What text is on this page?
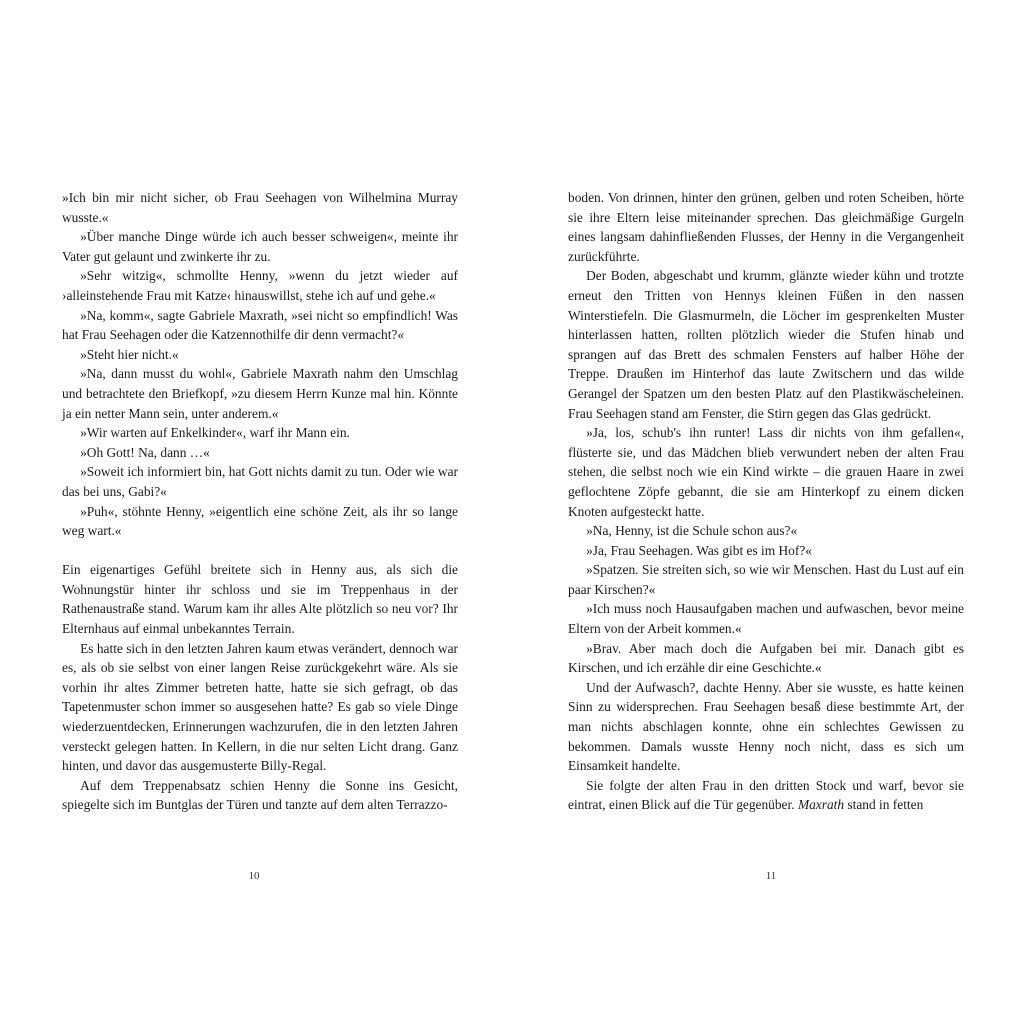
»Ich bin mir nicht sicher, ob Frau Seehagen von Wilhelmina Murray wusste.«

»Über manche Dinge würde ich auch besser schweigen«, meinte ihr Vater gut gelaunt und zwinkerte ihr zu.

»Sehr witzig«, schmollte Henny, »wenn du jetzt wieder auf ›alleinstehende Frau mit Katze‹ hinauswillst, stehe ich auf und gehe.«

»Na, komm«, sagte Gabriele Maxrath, »sei nicht so empfindlich! Was hat Frau Seehagen oder die Katzennothilfe dir denn vermacht?«

»Steht hier nicht.«

»Na, dann musst du wohl«, Gabriele Maxrath nahm den Umschlag und betrachtete den Briefkopf, »zu diesem Herrn Kunze mal hin. Könnte ja ein netter Mann sein, unter anderem.«

»Wir warten auf Enkelkinder«, warf ihr Mann ein.

»Oh Gott! Na, dann …«

»Soweit ich informiert bin, hat Gott nichts damit zu tun. Oder wie war das bei uns, Gabi?«

»Puh«, stöhnte Henny, »eigentlich eine schöne Zeit, als ihr so lange weg wart.«

Ein eigenartiges Gefühl breitete sich in Henny aus, als sich die Wohnungstür hinter ihr schloss und sie im Treppenhaus in der Rathenaustraße stand. Warum kam ihr alles Alte plötzlich so neu vor? Ihr Elternhaus auf einmal unbekanntes Terrain.

Es hatte sich in den letzten Jahren kaum etwas verändert, dennoch war es, als ob sie selbst von einer langen Reise zurückgekehrt wäre. Als sie vorhin ihr altes Zimmer betreten hatte, hatte sie sich gefragt, ob das Tapetenmuster schon immer so ausgesehen hatte? Es gab so viele Dinge wiederzuentdecken, Erinnerungen wachzurufen, die in den letzten Jahren versteckt gelegen hatten. In Kellern, in die nur selten Licht drang. Ganz hinten, und davor das ausgemusterte Billy-Regal.

Auf dem Treppenabsatz schien Henny die Sonne ins Gesicht, spiegelte sich im Buntglas der Türen und tanzte auf dem alten Terrazzo-

10

boden. Von drinnen, hinter den grünen, gelben und roten Scheiben, hörte sie ihre Eltern leise miteinander sprechen. Das gleichmäßige Gurgeln eines langsam dahinfließenden Flusses, der Henny in die Vergangenheit zurückführte.

Der Boden, abgeschabt und krumm, glänzte wieder kühn und trotzte erneut den Tritten von Hennys kleinen Füßen in den nassen Winterstiefeln. Die Glasmurmeln, die Löcher im gesprenkelten Muster hinterlassen hatten, rollten plötzlich wieder die Stufen hinab und sprangen auf das Brett des schmalen Fensters auf halber Höhe der Treppe. Draußen im Hinterhof das laute Zwitschern und das wilde Gerangel der Spatzen um den besten Platz auf den Plastikwäscheleinen. Frau Seehagen stand am Fenster, die Stirn gegen das Glas gedrückt.

»Ja, los, schub's ihn runter! Lass dir nichts von ihm gefallen«, flüsterte sie, und das Mädchen blieb verwundert neben der alten Frau stehen, die selbst noch wie ein Kind wirkte – die grauen Haare in zwei geflochtene Zöpfe gebannt, die sie am Hinterkopf zu einem dicken Knoten aufgesteckt hatte.

»Na, Henny, ist die Schule schon aus?«

»Ja, Frau Seehagen. Was gibt es im Hof?«

»Spatzen. Sie streiten sich, so wie wir Menschen. Hast du Lust auf ein paar Kirschen?«

»Ich muss noch Hausaufgaben machen und aufwaschen, bevor meine Eltern von der Arbeit kommen.«

»Brav. Aber mach doch die Aufgaben bei mir. Danach gibt es Kirschen, und ich erzähle dir eine Geschichte.«

Und der Aufwasch?, dachte Henny. Aber sie wusste, es hatte keinen Sinn zu widersprechen. Frau Seehagen besaß diese bestimmte Art, der man nichts abschlagen konnte, ohne ein schlechtes Gewissen zu bekommen. Damals wusste Henny noch nicht, dass es sich um Einsamkeit handelte.

Sie folgte der alten Frau in den dritten Stock und warf, bevor sie eintrat, einen Blick auf die Tür gegenüber. Maxrath stand in fetten

11
